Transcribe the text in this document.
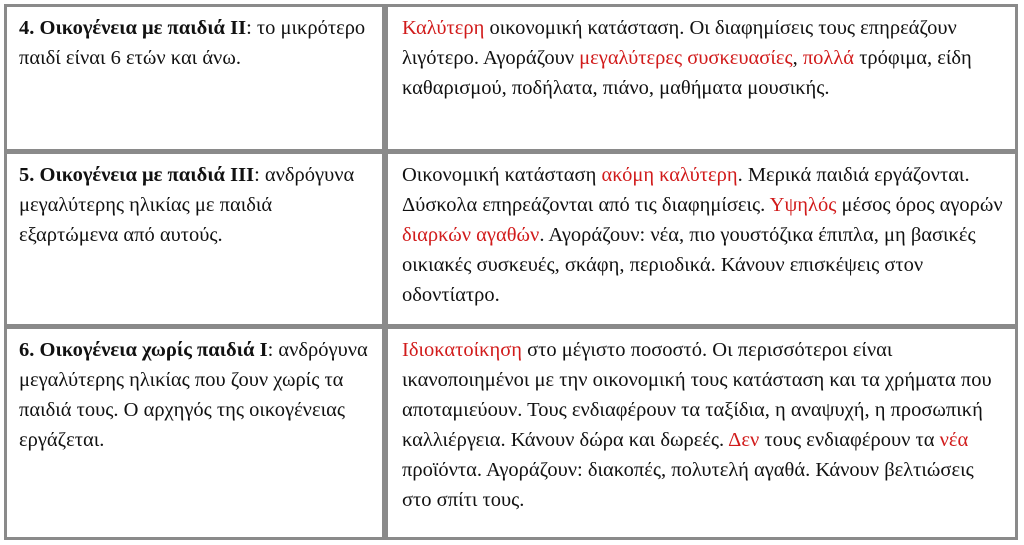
4. Οικογένεια με παιδιά ΙΙ: το μικρότερο παιδί είναι 6 ετών και άνω.
Καλύτερη οικονομική κατάσταση. Οι διαφημίσεις τους επηρεάζουν λιγότερο. Αγοράζουν μεγαλύτερες συσκευασίες, πολλά τρόφιμα, είδη καθαρισμού, ποδήλατα, πιάνο, μαθήματα μουσικής.
5. Οικογένεια με παιδιά ΙΙΙ: ανδρόγυνα μεγαλύτερης ηλικίας με παιδιά εξαρτώμενα από αυτούς.
Οικονομική κατάσταση ακόμη καλύτερη. Μερικά παιδιά εργάζονται. Δύσκολα επηρεάζονται από τις διαφημίσεις. Υψηλός μέσος όρος αγορών διαρκών αγαθών. Αγοράζουν: νέα, πιο γουστόζικα έπιπλα, μη βασικές οικιακές συσκευές, σκάφη, περιοδικά. Κάνουν επισκέψεις στον οδοντίατρο.
6. Οικογένεια χωρίς παιδιά Ι: ανδρόγυνα μεγαλύτερης ηλικίας που ζουν χωρίς τα παιδιά τους. Ο αρχηγός της οικογένειας εργάζεται.
Ιδιοκατοίκηση στο μέγιστο ποσοστό. Οι περισσότεροι είναι ικανοποιημένοι με την οικονομική τους κατάσταση και τα χρήματα που αποταμιεύουν. Τους ενδιαφέρουν τα ταξίδια, η αναψυχή, η προσωπική καλλιέργεια. Κάνουν δώρα και δωρεές. Δεν τους ενδιαφέρουν τα νέα προϊόντα. Αγοράζουν: διακοπές, πολυτελή αγαθά. Κάνουν βελτιώσεις στο σπίτι τους.
